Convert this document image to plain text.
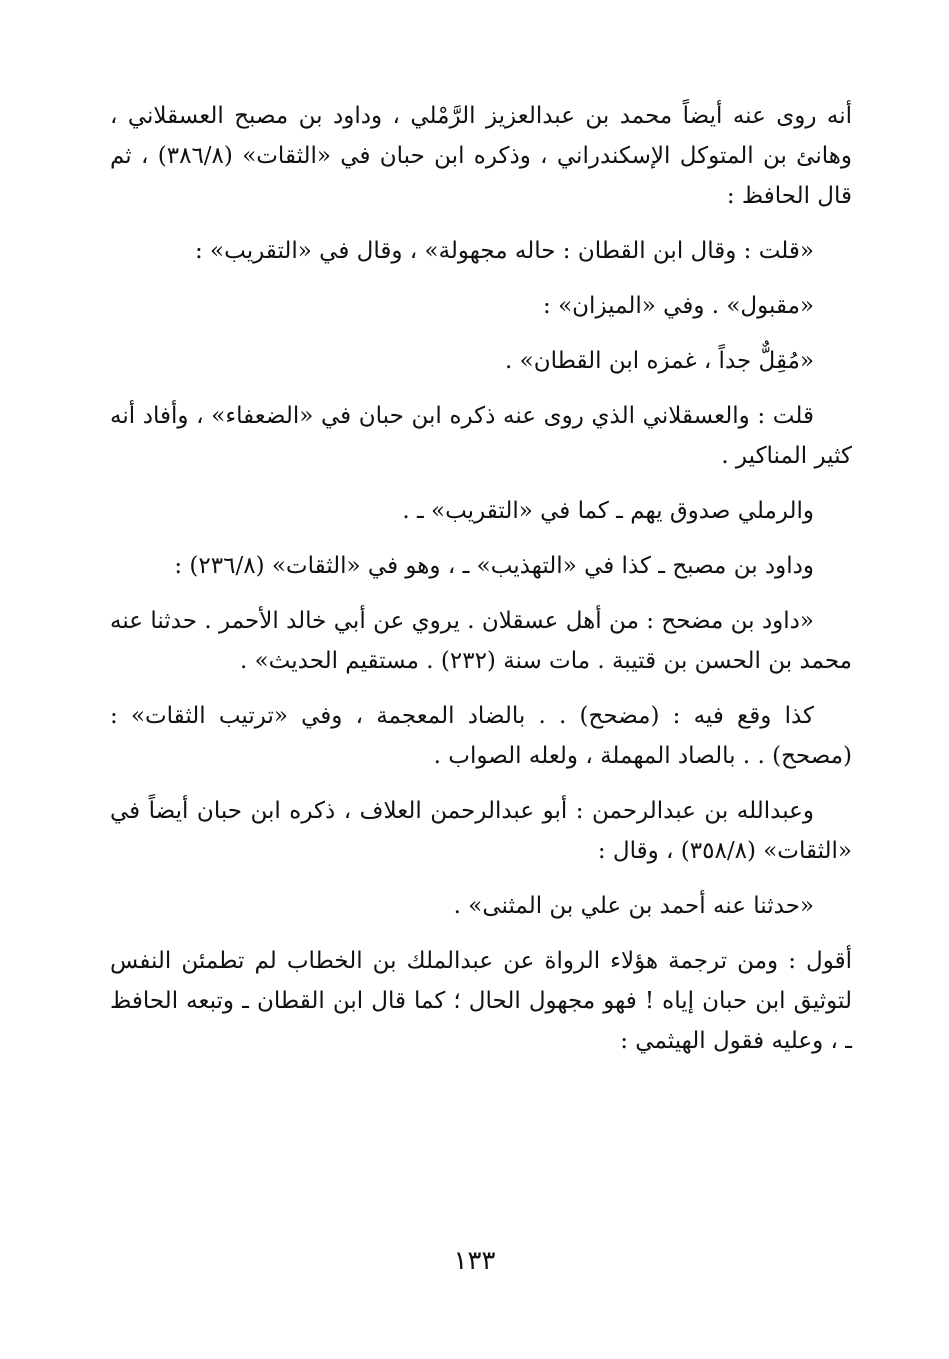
أنه روى عنه أيضاً محمد بن عبدالعزيز الرَّمْلي ، وداود بن مصبح العسقلاني ، وهانئ بن المتوكل الإسكندراني ، وذكره ابن حبان في «الثقات» (٣٨٦/٨) ، ثم قال الحافظ :

«قلت : وقال ابن القطان : حاله مجهولة» ، وقال في «التقريب» :

«مقبول» . وفي «الميزان» :

«مُقِلٌّ جداً ، غمزه ابن القطان» .

قلت : والعسقلاني الذي روى عنه ذكره ابن حبان في «الضعفاء» ، وأفاد أنه كثير المناكير .

والرملي صدوق يهم ـ كما في «التقريب» ـ .

وداود بن مصبح ـ كذا في «التهذيب» ـ ، وهو في «الثقات» (٢٣٦/٨) :

«داود بن مضحح : من أهل عسقلان . يروي عن أبي خالد الأحمر . حدثنا عنه محمد بن الحسن بن قتيبة . مات سنة (٢٣٢) . مستقيم الحديث» .

كذا وقع فيه : (مضحح) . . بالضاد المعجمة ، وفي «ترتيب الثقات» : (مصحح) . . بالصاد المهملة ، ولعله الصواب .

وعبدالله بن عبدالرحمن : أبو عبدالرحمن العلاف ، ذكره ابن حبان أيضاً في «الثقات» (٣٥٨/٨) ، وقال :

«حدثنا عنه أحمد بن علي بن المثنى» .

أقول : ومن ترجمة هؤلاء الرواة عن عبدالملك بن الخطاب لم تطمئن النفس لتوثيق ابن حبان إياه ! فهو مجهول الحال ؛ كما قال ابن القطان ـ وتبعه الحافظ ـ ، وعليه فقول الهيثمي :

١٣٣
